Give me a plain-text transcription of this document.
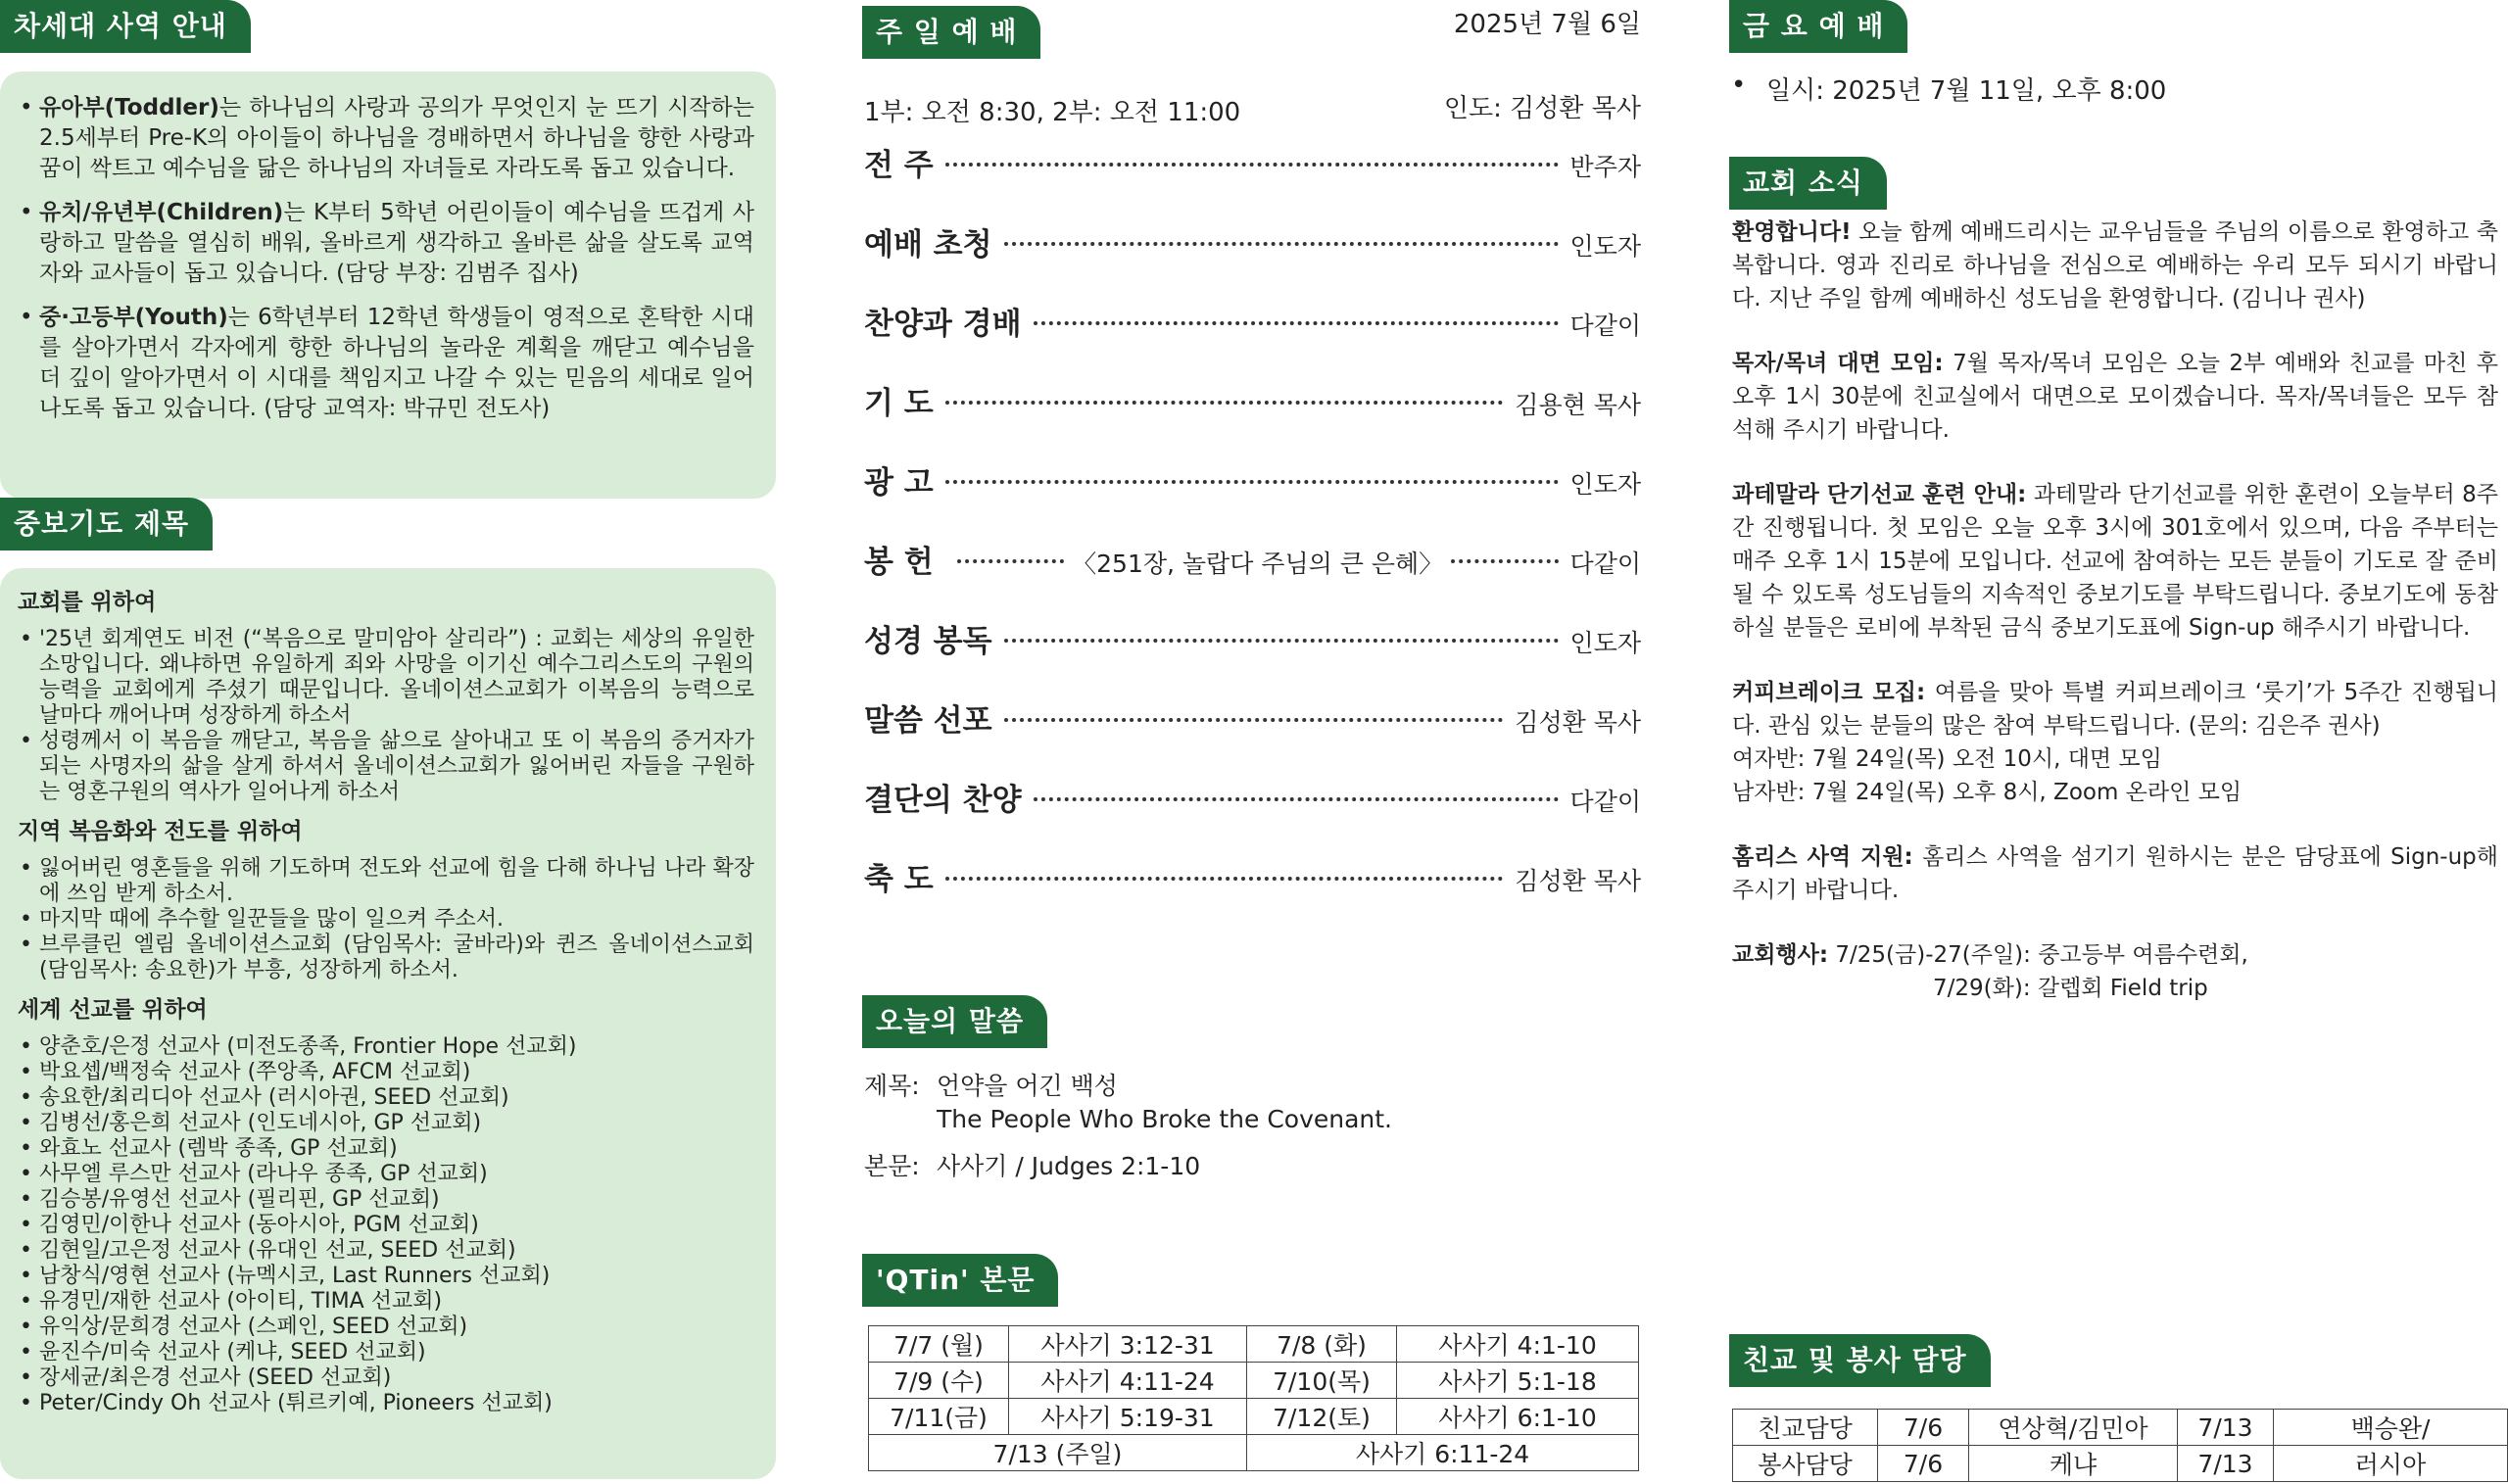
차세대 사역 안내
• 유아부(Toddler)는 하나님의 사랑과 공의가 무엇인지 눈 뜨기 시작하는 2.5세부터 Pre-K의 아이들이 하나님을 경배하면서 하나님을 향한 사랑과 꿈이 싹트고 예수님을 닮은 하나님의 자녀들로 자라도록 돕고 있습니다.
• 유치/유년부(Children)는 K부터 5학년 어린이들이 예수님을 뜨겁게 사랑하고 말씀을 열심히 배워, 올바르게 생각하고 올바른 삶을 살도록 교역자와 교사들이 돕고 있습니다. (담당 부장: 김범주 집사)
• 중·고등부(Youth)는 6학년부터 12학년 학생들이 영적으로 혼탁한 시대를 살아가면서 각자에게 향한 하나님의 놀라운 계획을 깨닫고 예수님을 더 깊이 알아가면서 이 시대를 책임지고 나갈 수 있는 믿음의 세대로 일어나도록 돕고 있습니다. (담당 교역자: 박규민 전도사)
중보기도 제목
교회를 위하여
• '25년 회계연도 비전 (“복음으로 말미암아 살리라”) : 교회는 세상의 유일한 소망입니다. 왜냐하면 유일하게 죄와 사망을 이기신 예수그리스도의 구원의 능력을 교회에게 주셨기 때문입니다. 올네이션스교회가 이복음의 능력으로 날마다 깨어나며 성장하게 하소서
• 성령께서 이 복음을 깨닫고, 복음을 삶으로 살아내고 또 이 복음의 증거자가 되는 사명자의 삶을 살게 하셔서 올네이션스교회가 잃어버린 자들을 구원하는 영혼구원의 역사가 일어나게 하소서
지역 복음화와 전도를 위하여
• 잃어버린 영혼들을 위해 기도하며 전도와 선교에 힘을 다해 하나님 나라 확장에 쓰임 받게 하소서.
• 마지막 때에 추수할 일꾼들을 많이 일으켜 주소서.
• 브루클린 엘림 올네이션스교회 (담임목사: 굴바라)와 퀸즈 올네이션스교회 (담임목사: 송요한)가 부흥, 성장하게 하소서.
세계 선교를 위하여
• 양춘호/은정 선교사 (미전도종족, Frontier Hope 선교회)
• 박요셉/백정숙 선교사 (쭈앙족, AFCM 선교회)
• 송요한/최리디아 선교사 (러시아권, SEED 선교회)
• 김병선/홍은희 선교사 (인도네시아, GP 선교회)
• 와효노 선교사 (렘박 종족, GP 선교회)
• 사무엘 루스만 선교사 (라나우 종족, GP 선교회)
• 김승봉/유영선 선교사 (필리핀, GP 선교회)
• 김영민/이한나 선교사 (동아시아, PGM 선교회)
• 김현일/고은정 선교사 (유대인 선교, SEED 선교회)
• 남창식/영현 선교사 (뉴멕시코, Last Runners 선교회)
• 유경민/재한 선교사 (아이티, TIMA 선교회)
• 유익상/문희경 선교사 (스페인, SEED 선교회)
• 윤진수/미숙 선교사 (케냐, SEED 선교회)
• 장세균/최은경 선교사 (SEED 선교회)
• Peter/Cindy Oh 선교사 (튀르키예, Pioneers 선교회)
주 일 예 배	2025년 7월 6일
1부: 오전 8:30, 2부: 오전 11:00	인도: 김성환 목사
전 주	반주자
예배 초청	인도자
찬양과 경배	다같이
기 도	김용현 목사
광 고	인도자
봉 헌	〈251장, 놀랍다 주님의 큰 은혜〉	다같이
성경 봉독	인도자
말씀 선포	김성환 목사
결단의 찬양	다같이
축 도	김성환 목사
오늘의 말씀
제목: 언약을 어긴 백성
The People Who Broke the Covenant.
본문: 사사기 / Judges 2:1-10
'QTin' 본문
7/7 (월)	사사기 3:12-31	7/8 (화)	사사기 4:1-10
7/9 (수)	사사기 4:11-24	7/10(목)	사사기 5:1-18
7/11(금)	사사기 5:19-31	7/12(토)	사사기 6:1-10
7/13 (주일)		사사기 6:11-24	
금 요 예 배
• 일시: 2025년 7월 11일, 오후 8:00
교회 소식

환영합니다! 오늘 함께 예배드리시는 교우님들을 주님의 이름으로 환영하고 축복합니다. 영과 진리로 하나님을 전심으로 예배하는 우리 모두 되시기 바랍니다. 지난 주일 함께 예배하신 성도님을 환영합니다. (김니나 권사)

목자/목녀 대면 모임: 7월 목자/목녀 모임은 오늘 2부 예배와 친교를 마친 후 오후 1시 30분에 친교실에서 대면으로 모이겠습니다. 목자/목녀들은 모두 참석해 주시기 바랍니다.

과테말라 단기선교 훈련 안내: 과테말라 단기선교를 위한 훈련이 오늘부터 8주간 진행됩니다. 첫 모임은 오늘 오후 3시에 301호에서 있으며, 다음 주부터는 매주 오후 1시 15분에 모입니다. 선교에 참여하는 모든 분들이 기도로 잘 준비될 수 있도록 성도님들의 지속적인 중보기도를 부탁드립니다. 중보기도에 동참하실 분들은 로비에 부착된 금식 중보기도표에 Sign-up 해주시기 바랍니다.

커피브레이크 모집: 여름을 맞아 특별 커피브레이크 ‘룻기’가 5주간 진행됩니다. 관심 있는 분들의 많은 참여 부탁드립니다. (문의: 김은주 권사)
여자반: 7월 24일(목) 오전 10시, 대면 모임
남자반: 7월 24일(목) 오후 8시, Zoom 온라인 모임

홈리스 사역 지원: 홈리스 사역을 섬기기 원하시는 분은 담당표에 Sign-up해 주시기 바랍니다.

교회행사: 7/25(금)-27(주일): 중고등부 여름수련회,
7/29(화): 갈렙회 Field trip

친교 및 봉사 담당
친교담당	7/6	연상혁/김민아	7/13	백승완/
봉사담당	7/6	케냐	7/13	러시아
